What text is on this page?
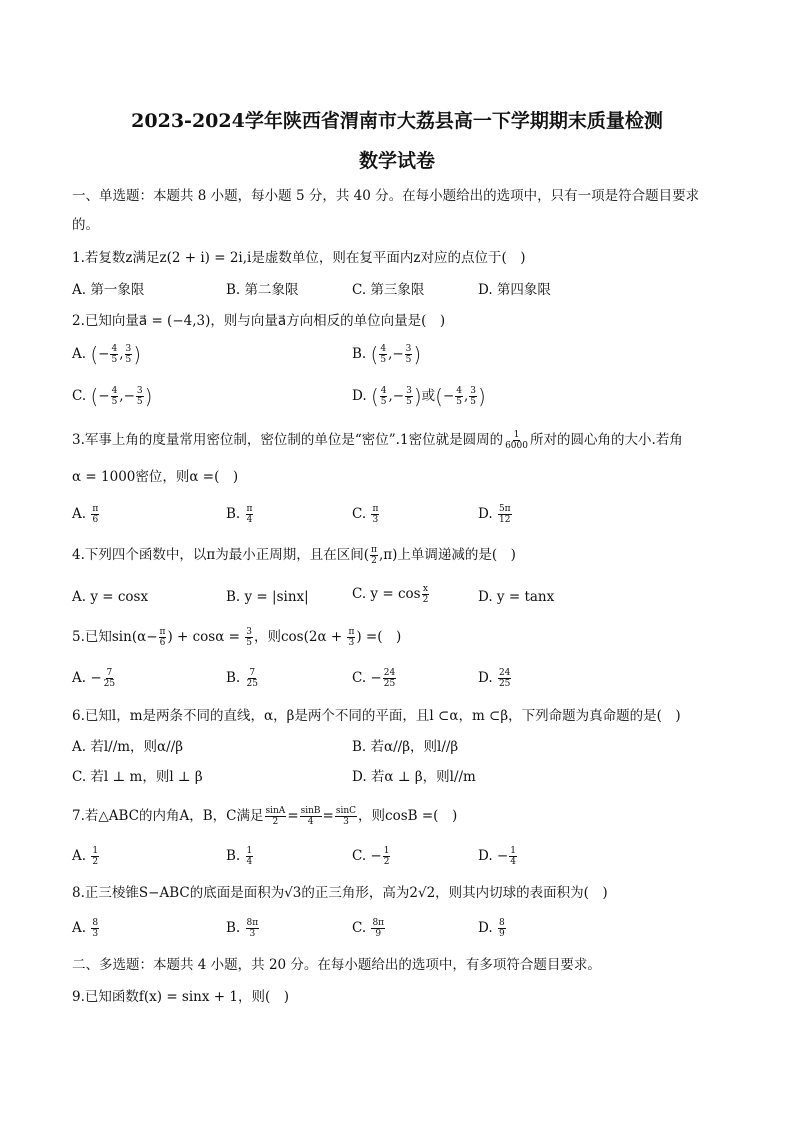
2023-2024学年陕西省渭南市大荔县高一下学期期末质量检测
数学试卷
一、单选题：本题共 8 小题，每小题 5 分，共 40 分。在每小题给出的选项中，只有一项是符合题目要求
的。
1.若复数z满足z(2 + i) = 2i,i是虚数单位，则在复平面内z对应的点位于(　)
A. 第一象限	B. 第二象限	C. 第三象限	D. 第四象限
2.已知向量a⃗ = (−4,3)，则与向量a⃗方向相反的单位向量是(　)
A. (− $\frac{4}{5}$ , $\frac{3}{5}$ )	B. ( $\frac{4}{5}$ ,− $\frac{3}{5}$ )
C. (− $\frac{4}{5}$ ,− $\frac{3}{5}$ )	D. ( $\frac{4}{5}$ ,− $\frac{3}{5}$ )或(− $\frac{4}{5}$ , $\frac{3}{5}$ )
3.军事上角的度量常用密位制，密位制的单位是“密位”.1密位就是圆周的 $\frac{1}{6000}$ 所对的圆心角的大小.若角
α = 1000密位，则α =(　)
A. $\frac{\pi}{6}$	B. $\frac{\pi}{4}$	C. $\frac{\pi}{3}$	D. $\frac{5\pi}{12}$
4.下列四个函数中，以π为最小正周期，且在区间( $\frac{\pi}{2} ,\pi$)上单调递减的是(　)
A. y = cosx	B. y = |sinx|	C. $y = \cos \frac{x}{2}$	D. y = tanx
5.已知$\sin(\alpha- \frac{\pi}{6}$ ) + $\cos\alpha = \frac{3}{5}$ ，则$\cos(2\alpha + \frac{\pi}{3}$ ) =(　)
A. − $\frac{7}{25}$	B. $\frac{7}{25}$	C. − $\frac{24}{25}$	D. $\frac{24}{25}$
6.已知l，m是两条不同的直线，α，β是两个不同的平面，且l ⊂α，m ⊂β，下列命题为真命题的是(　)
A. 若l//m，则α//β	B. 若α//β，则l//β
C. 若l ⊥ m，则l ⊥ β	D. 若α ⊥ β，则l//m
7.若△ABC的内角A，B，C满足 $\frac{\sin A}{2} = \frac{\sin B}{4} = \frac{\sin C}{3}$ ，则cosB =(　)
A. $\frac{1}{2}$	B. $\frac{1}{4}$	C. − $\frac{1}{2}$	D. − $\frac{1}{4}$
8.正三棱锥S−ABC的底面是面积为√3的正三角形，高为2√2，则其内切球的表面积为(　)
A. $\frac{8}{3}$	B. $\frac{8\pi}{3}$	C. $\frac{8\pi}{9}$	D. $\frac{8}{9}$
二、多选题：本题共 4 小题，共 20 分。在每小题给出的选项中，有多项符合题目要求。
9.已知函数f(x) = sinx + 1，则(　)
